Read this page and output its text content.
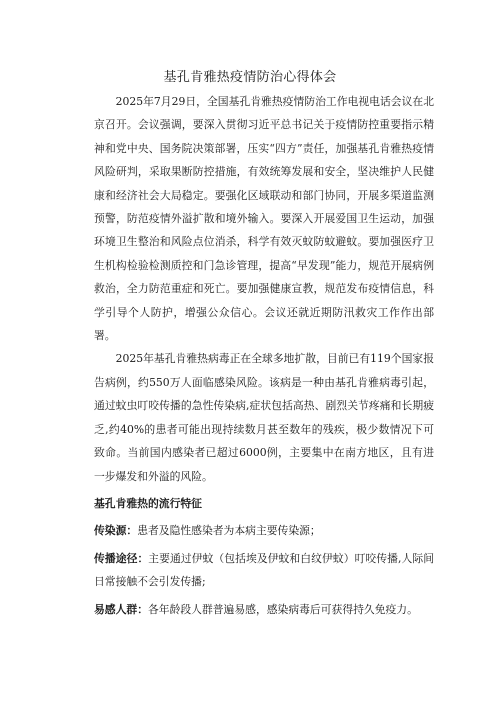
基孔肯雅热疫情防治心得体会

2025年7月29日，全国基孔肯雅热疫情防治工作电视电话会议在北京召开。会议强调，要深入贯彻习近平总书记关于疫情防控重要指示精神和党中央、国务院决策部署，压实“四方”责任，加强基孔肯雅热疫情风险研判，采取果断防控措施，有效统筹发展和安全，坚决维护人民健康和经济社会大局稳定。要强化区域联动和部门协同，开展多渠道监测预警，防范疫情外溢扩散和境外输入。要深入开展爱国卫生运动，加强环境卫生整治和风险点位消杀，科学有效灭蚊防蚊避蚊。要加强医疗卫生机构检验检测质控和门急诊管理，提高“早发现”能力，规范开展病例救治，全力防范重症和死亡。要加强健康宣教，规范发布疫情信息，科学引导个人防护，增强公众信心。会议还就近期防汛救灾工作作出部署。

2025年基孔肯雅热病毒正在全球多地扩散，目前已有119个国家报告病例，约550万人面临感染风险。该病是一种由基孔肯雅病毒引起，通过蚊虫叮咬传播的急性传染病,症状包括高热、剧烈关节疼痛和长期疲乏,约40%的患者可能出现持续数月甚至数年的残疾，极少数情况下可致命。当前国内感染者已超过6000例，主要集中在南方地区，且有进一步爆发和外溢的风险。

基孔肯雅热的流行特征

传染源：患者及隐性感染者为本病主要传染源；

传播途径：主要通过伊蚊（包括埃及伊蚊和白纹伊蚊）叮咬传播,人际间日常接触不会引发传播;

易感人群：各年龄段人群普遍易感，感染病毒后可获得持久免疫力。
